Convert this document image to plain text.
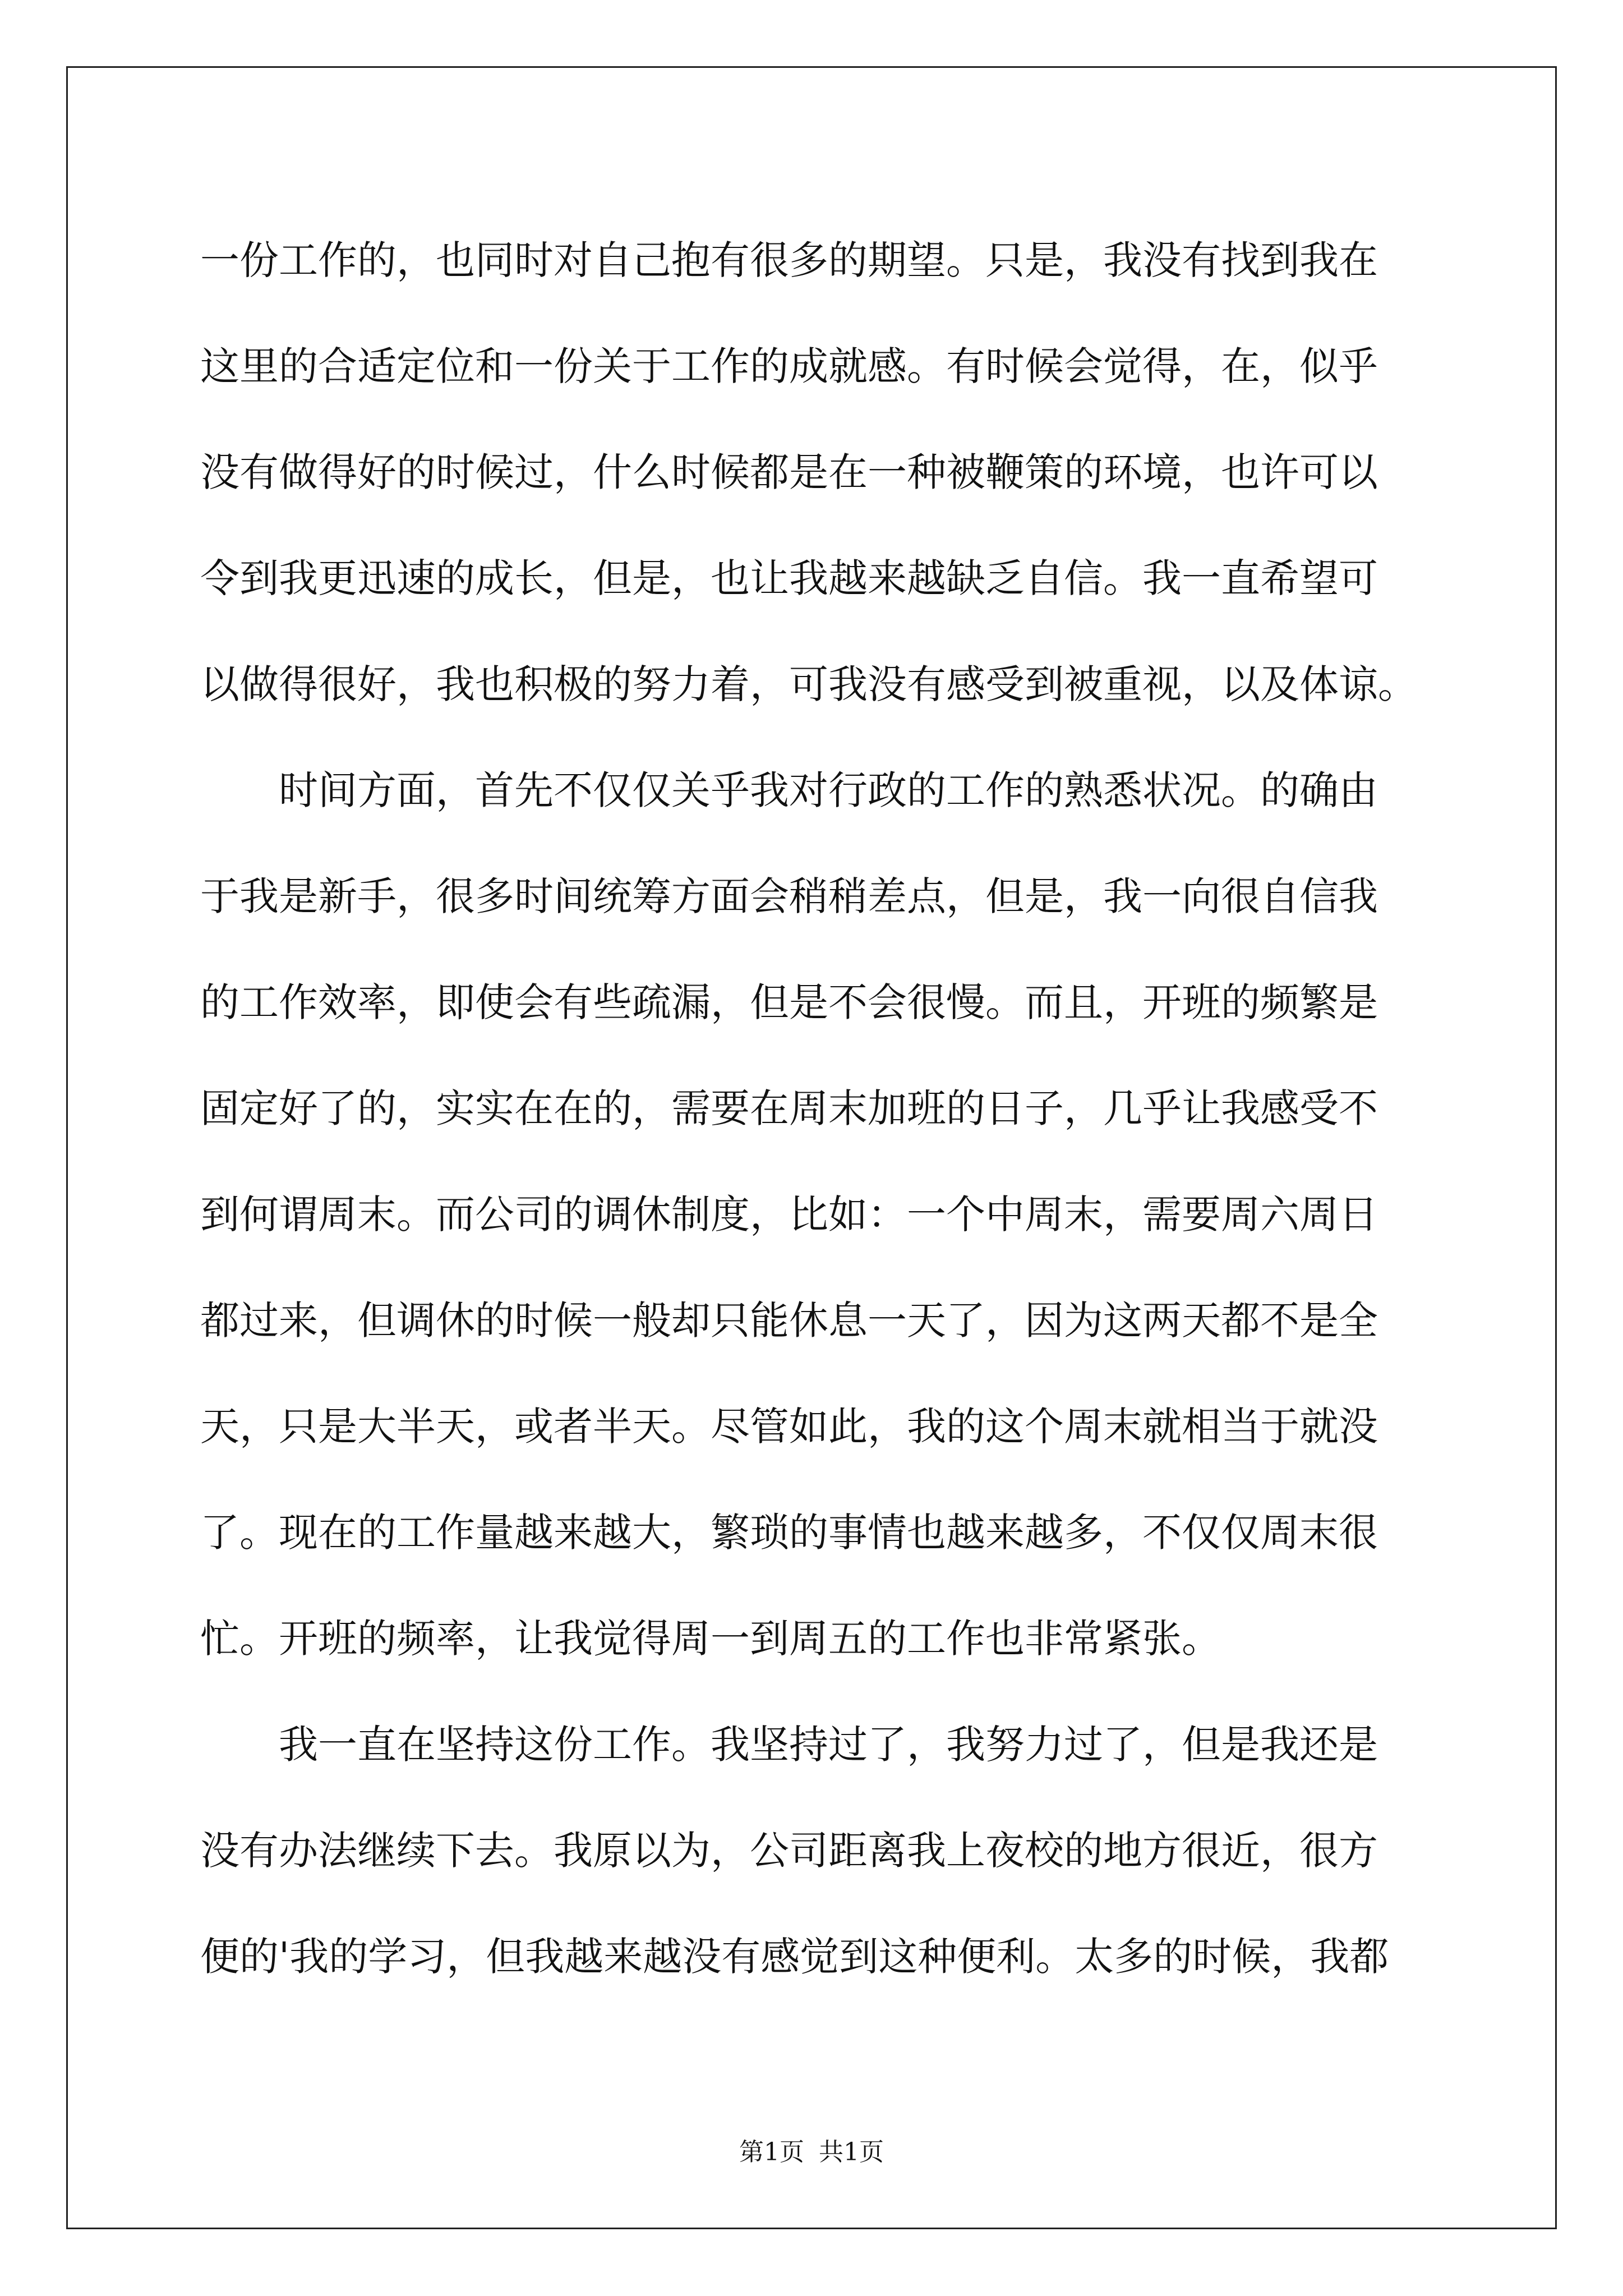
一份工作的，也同时对自己抱有很多的期望。只是，我没有找到我在
这里的合适定位和一份关于工作的成就感。有时候会觉得，在，似乎
没有做得好的时候过，什么时候都是在一种被鞭策的环境，也许可以
令到我更迅速的成长，但是，也让我越来越缺乏自信。我一直希望可
以做得很好，我也积极的努力着，可我没有感受到被重视，以及体谅。
　　时间方面，首先不仅仅关乎我对行政的工作的熟悉状况。的确由
于我是新手，很多时间统筹方面会稍稍差点，但是，我一向很自信我
的工作效率，即使会有些疏漏，但是不会很慢。而且，开班的频繁是
固定好了的，实实在在的，需要在周末加班的日子，几乎让我感受不
到何谓周末。而公司的调休制度，比如：一个中周末，需要周六周日
都过来，但调休的时候一般却只能休息一天了，因为这两天都不是全
天，只是大半天，或者半天。尽管如此，我的这个周末就相当于就没
了。现在的工作量越来越大，繁琐的事情也越来越多，不仅仅周末很
忙。开班的频率，让我觉得周一到周五的工作也非常紧张。
　　我一直在坚持这份工作。我坚持过了，我努力过了，但是我还是
没有办法继续下去。我原以为，公司距离我上夜校的地方很近，很方
便的'我的学习，但我越来越没有感觉到这种便利。太多的时候，我都
第1页 共1页
